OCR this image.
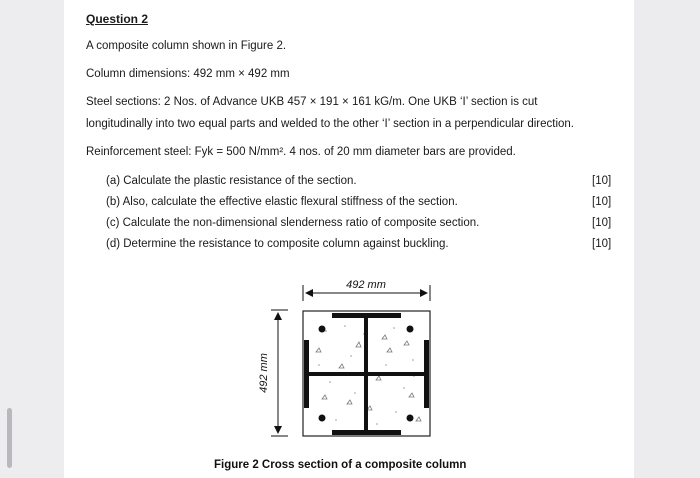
Question 2
A composite column shown in Figure 2.
Column dimensions: 492 mm × 492 mm
Steel sections: 2 Nos. of Advance UKB 457 × 191 × 161 kG/m. One UKB ‘I’ section is cut
longitudinally into two equal parts and welded to the other ‘I’ section in a perpendicular direction.
Reinforcement steel: Fyk = 500 N/mm². 4 nos. of 20 mm diameter bars are provided.
(a) Calculate the plastic resistance of the section.	[10]
(b) Also, calculate the effective elastic flexural stiffness of the section.	[10]
(c) Calculate the non-dimensional slenderness ratio of composite section.	[10]
(d) Determine the resistance to composite column against buckling.	[10]
492 mm
492 mm
Figure 2 Cross section of a composite column
